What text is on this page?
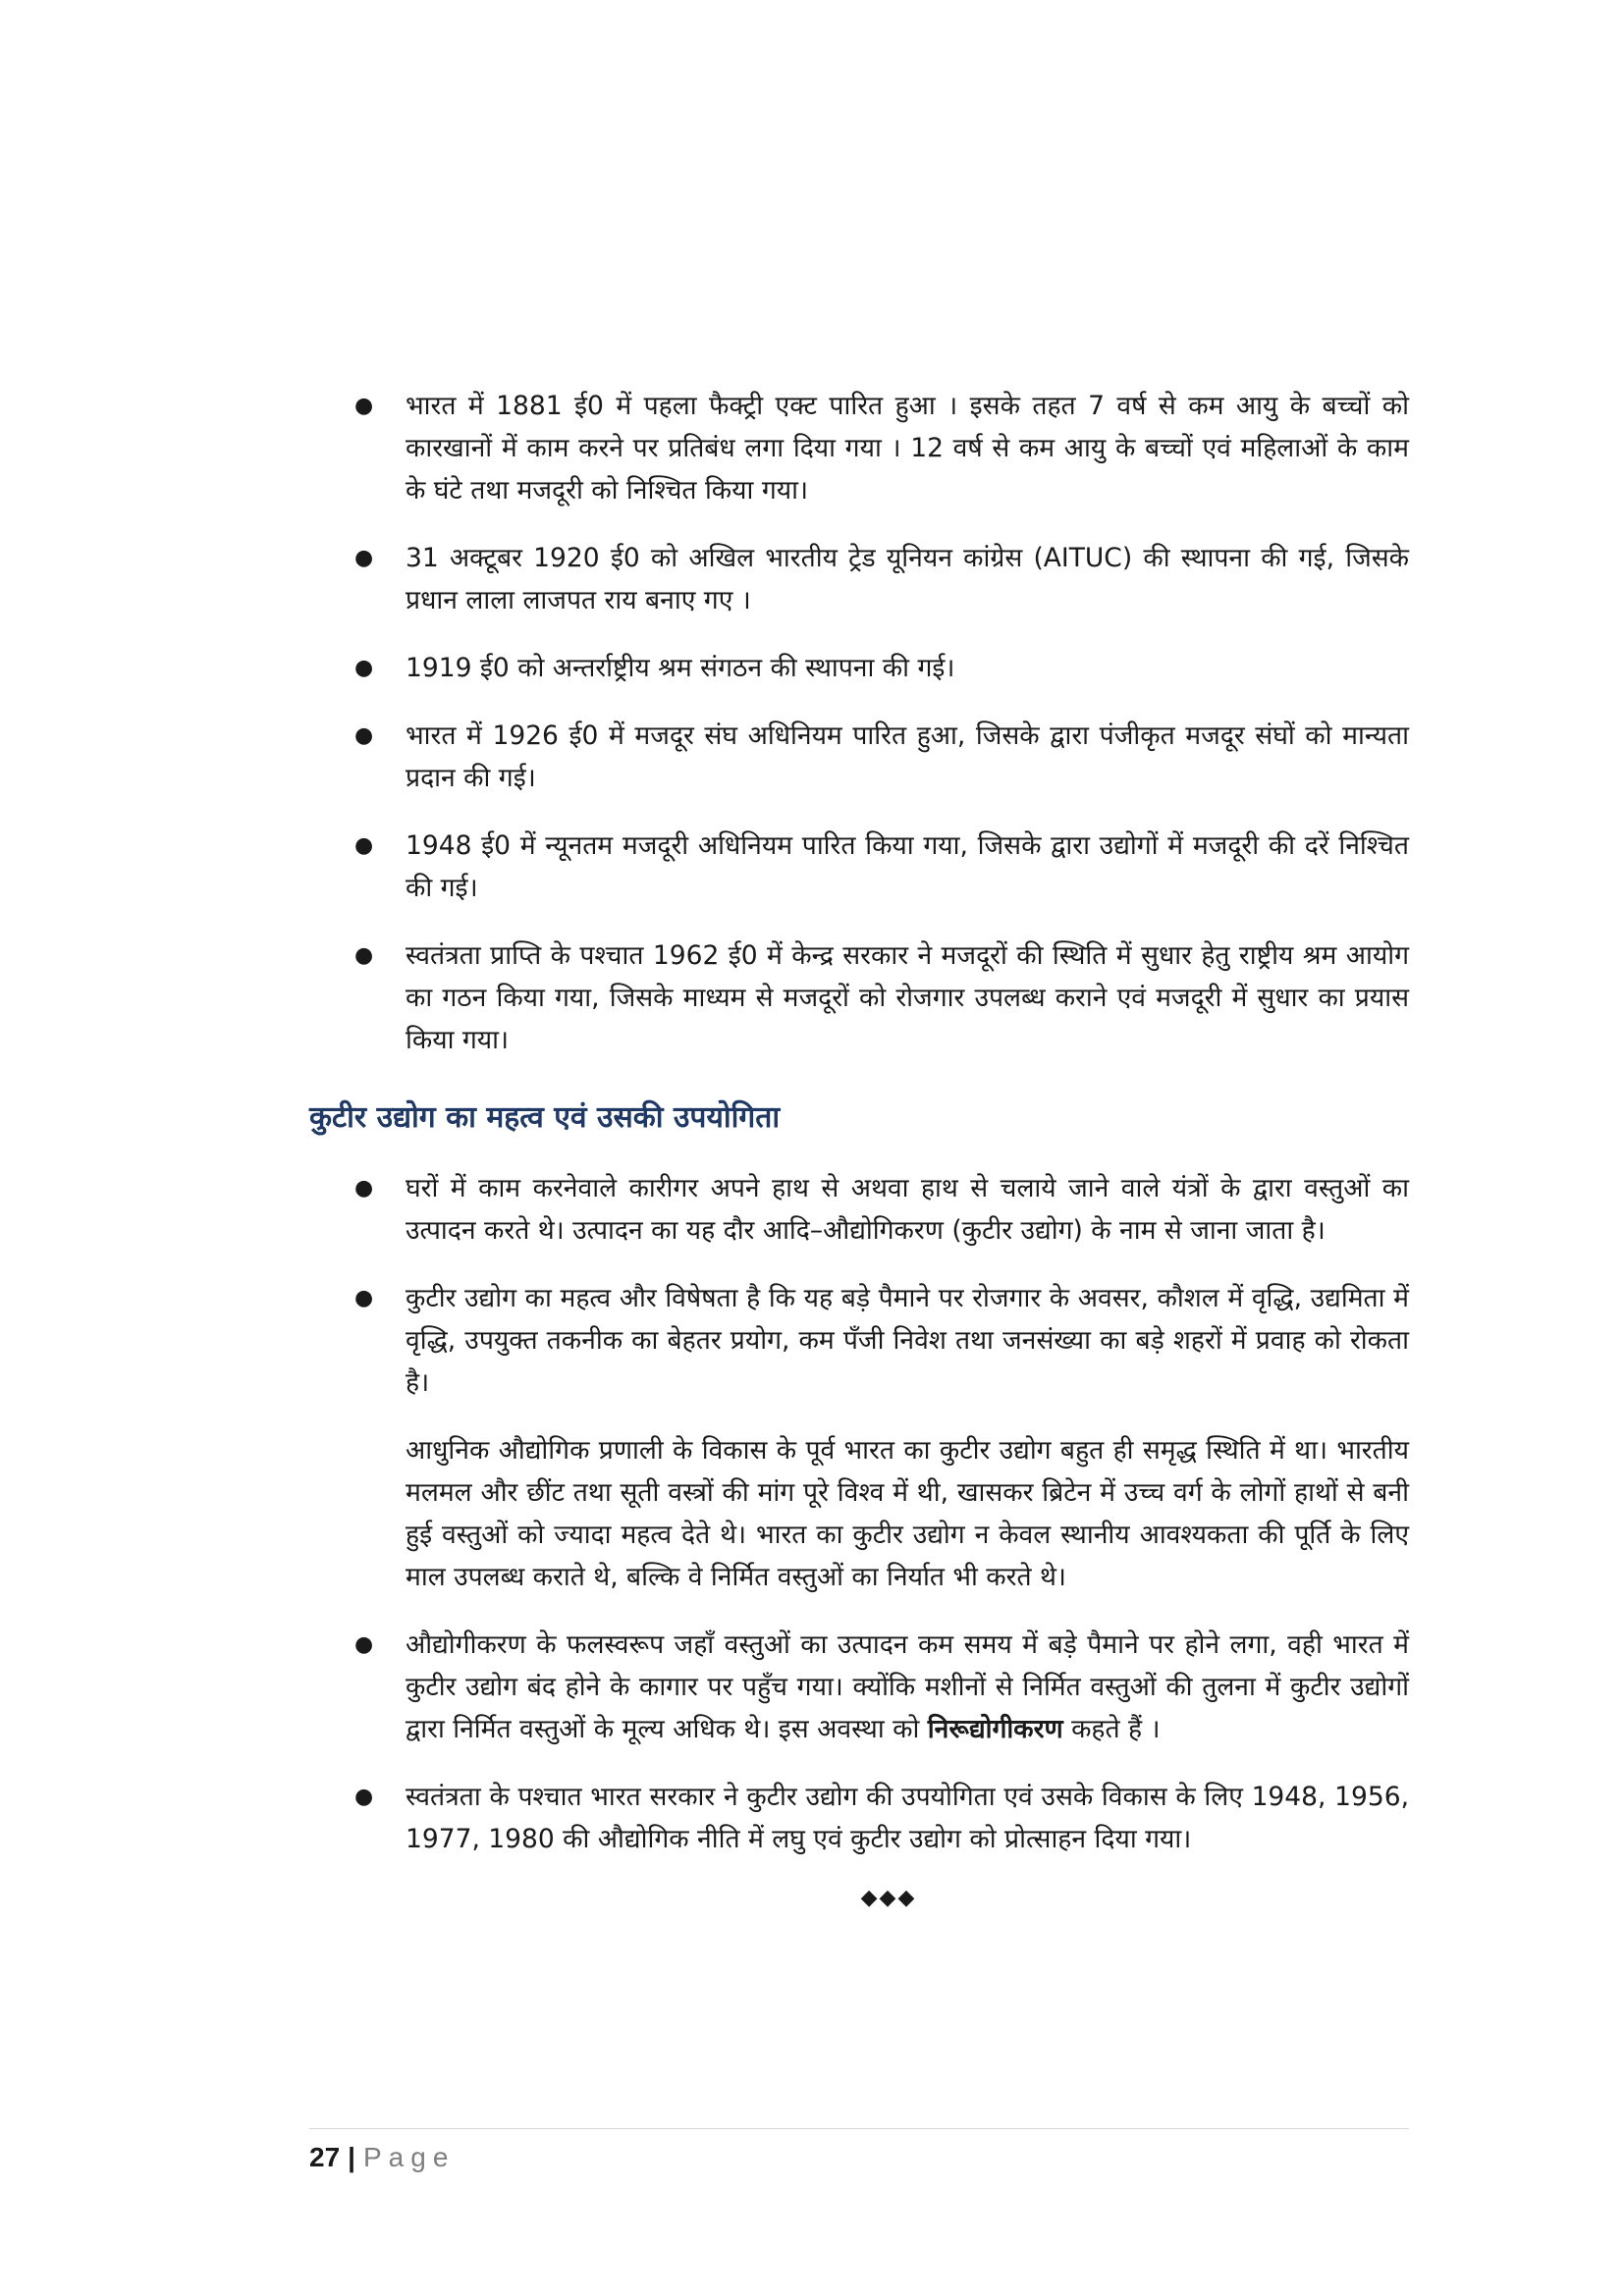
● भारत में 1881 ई0 में पहला फैक्ट्री एक्ट पारित हुआ । इसके तहत 7 वर्ष से कम आयु के बच्चों को कारखानों में काम करने पर प्रतिबंध लगा दिया गया । 12 वर्ष से कम आयु के बच्चों एवं महिलाओं के काम के घंटे तथा मजदूरी को निश्चित किया गया।
● 31 अक्टूबर 1920 ई0 को अखिल भारतीय ट्रेड यूनियन कांग्रेस (AITUC) की स्थापना की गई, जिसके प्रधान लाला लाजपत राय बनाए गए ।
● 1919 ई0 को अन्तर्राष्ट्रीय श्रम संगठन की स्थापना की गई।
● भारत में 1926 ई0 में मजदूर संघ अधिनियम पारित हुआ, जिसके द्वारा पंजीकृत मजदूर संघों को मान्यता प्रदान की गई।
● 1948 ई0 में न्यूनतम मजदूरी अधिनियम पारित किया गया, जिसके द्वारा उद्योगों में मजदूरी की दरें निश्चित की गई।
● स्वतंत्रता प्राप्ति के पश्चात 1962 ई0 में केन्द्र सरकार ने मजदूरों की स्थिति में सुधार हेतु राष्ट्रीय श्रम आयोग का गठन किया गया, जिसके माध्यम से मजदूरों को रोजगार उपलब्ध कराने एवं मजदूरी में सुधार का प्रयास किया गया।
कुटीर उद्योग का महत्व एवं उसकी उपयोगिता
● घरों में काम करनेवाले कारीगर अपने हाथ से अथवा हाथ से चलाये जाने वाले यंत्रों के द्वारा वस्तुओं का उत्पादन करते थे। उत्पादन का यह दौर आदि–औद्योगिकरण (कुटीर उद्योग) के नाम से जाना जाता है।
● कुटीर उद्योग का महत्व और विषेषता है कि यह बड़े पैमाने पर रोजगार के अवसर, कौशल में वृद्धि, उद्यमिता में वृद्धि, उपयुक्त तकनीक का बेहतर प्रयोग, कम पँजी निवेश तथा जनसंख्या का बड़े शहरों में प्रवाह को रोकता है।

आधुनिक औद्योगिक प्रणाली के विकास के पूर्व भारत का कुटीर उद्योग बहुत ही समृद्ध स्थिति में था। भारतीय मलमल और छींट तथा सूती वस्त्रों की मांग पूरे विश्व में थी, खासकर ब्रिटेन में उच्च वर्ग के लोगों हाथों से बनी हुई वस्तुओं को ज्यादा महत्व देते थे। भारत का कुटीर उद्योग न केवल स्थानीय आवश्यकता की पूर्ति के लिए माल उपलब्ध कराते थे, बल्कि वे निर्मित वस्तुओं का निर्यात भी करते थे।

● औद्योगीकरण के फलस्वरूप जहाँ वस्तुओं का उत्पादन कम समय में बड़े पैमाने पर होने लगा, वही भारत में कुटीर उद्योग बंद होने के कागार पर पहुँच गया। क्योंकि मशीनों से निर्मित वस्तुओं की तुलना में कुटीर उद्योगों द्वारा निर्मित वस्तुओं के मूल्य अधिक थे। इस अवस्था को निरूद्योगीकरण कहते हैं ।
● स्वतंत्रता के पश्चात भारत सरकार ने कुटीर उद्योग की उपयोगिता एवं उसके विकास के लिए 1948, 1956, 1977, 1980 की औद्योगिक नीति में लघु एवं कुटीर उद्योग को प्रोत्साहन दिया गया।
◆◆◆
27 | Page
